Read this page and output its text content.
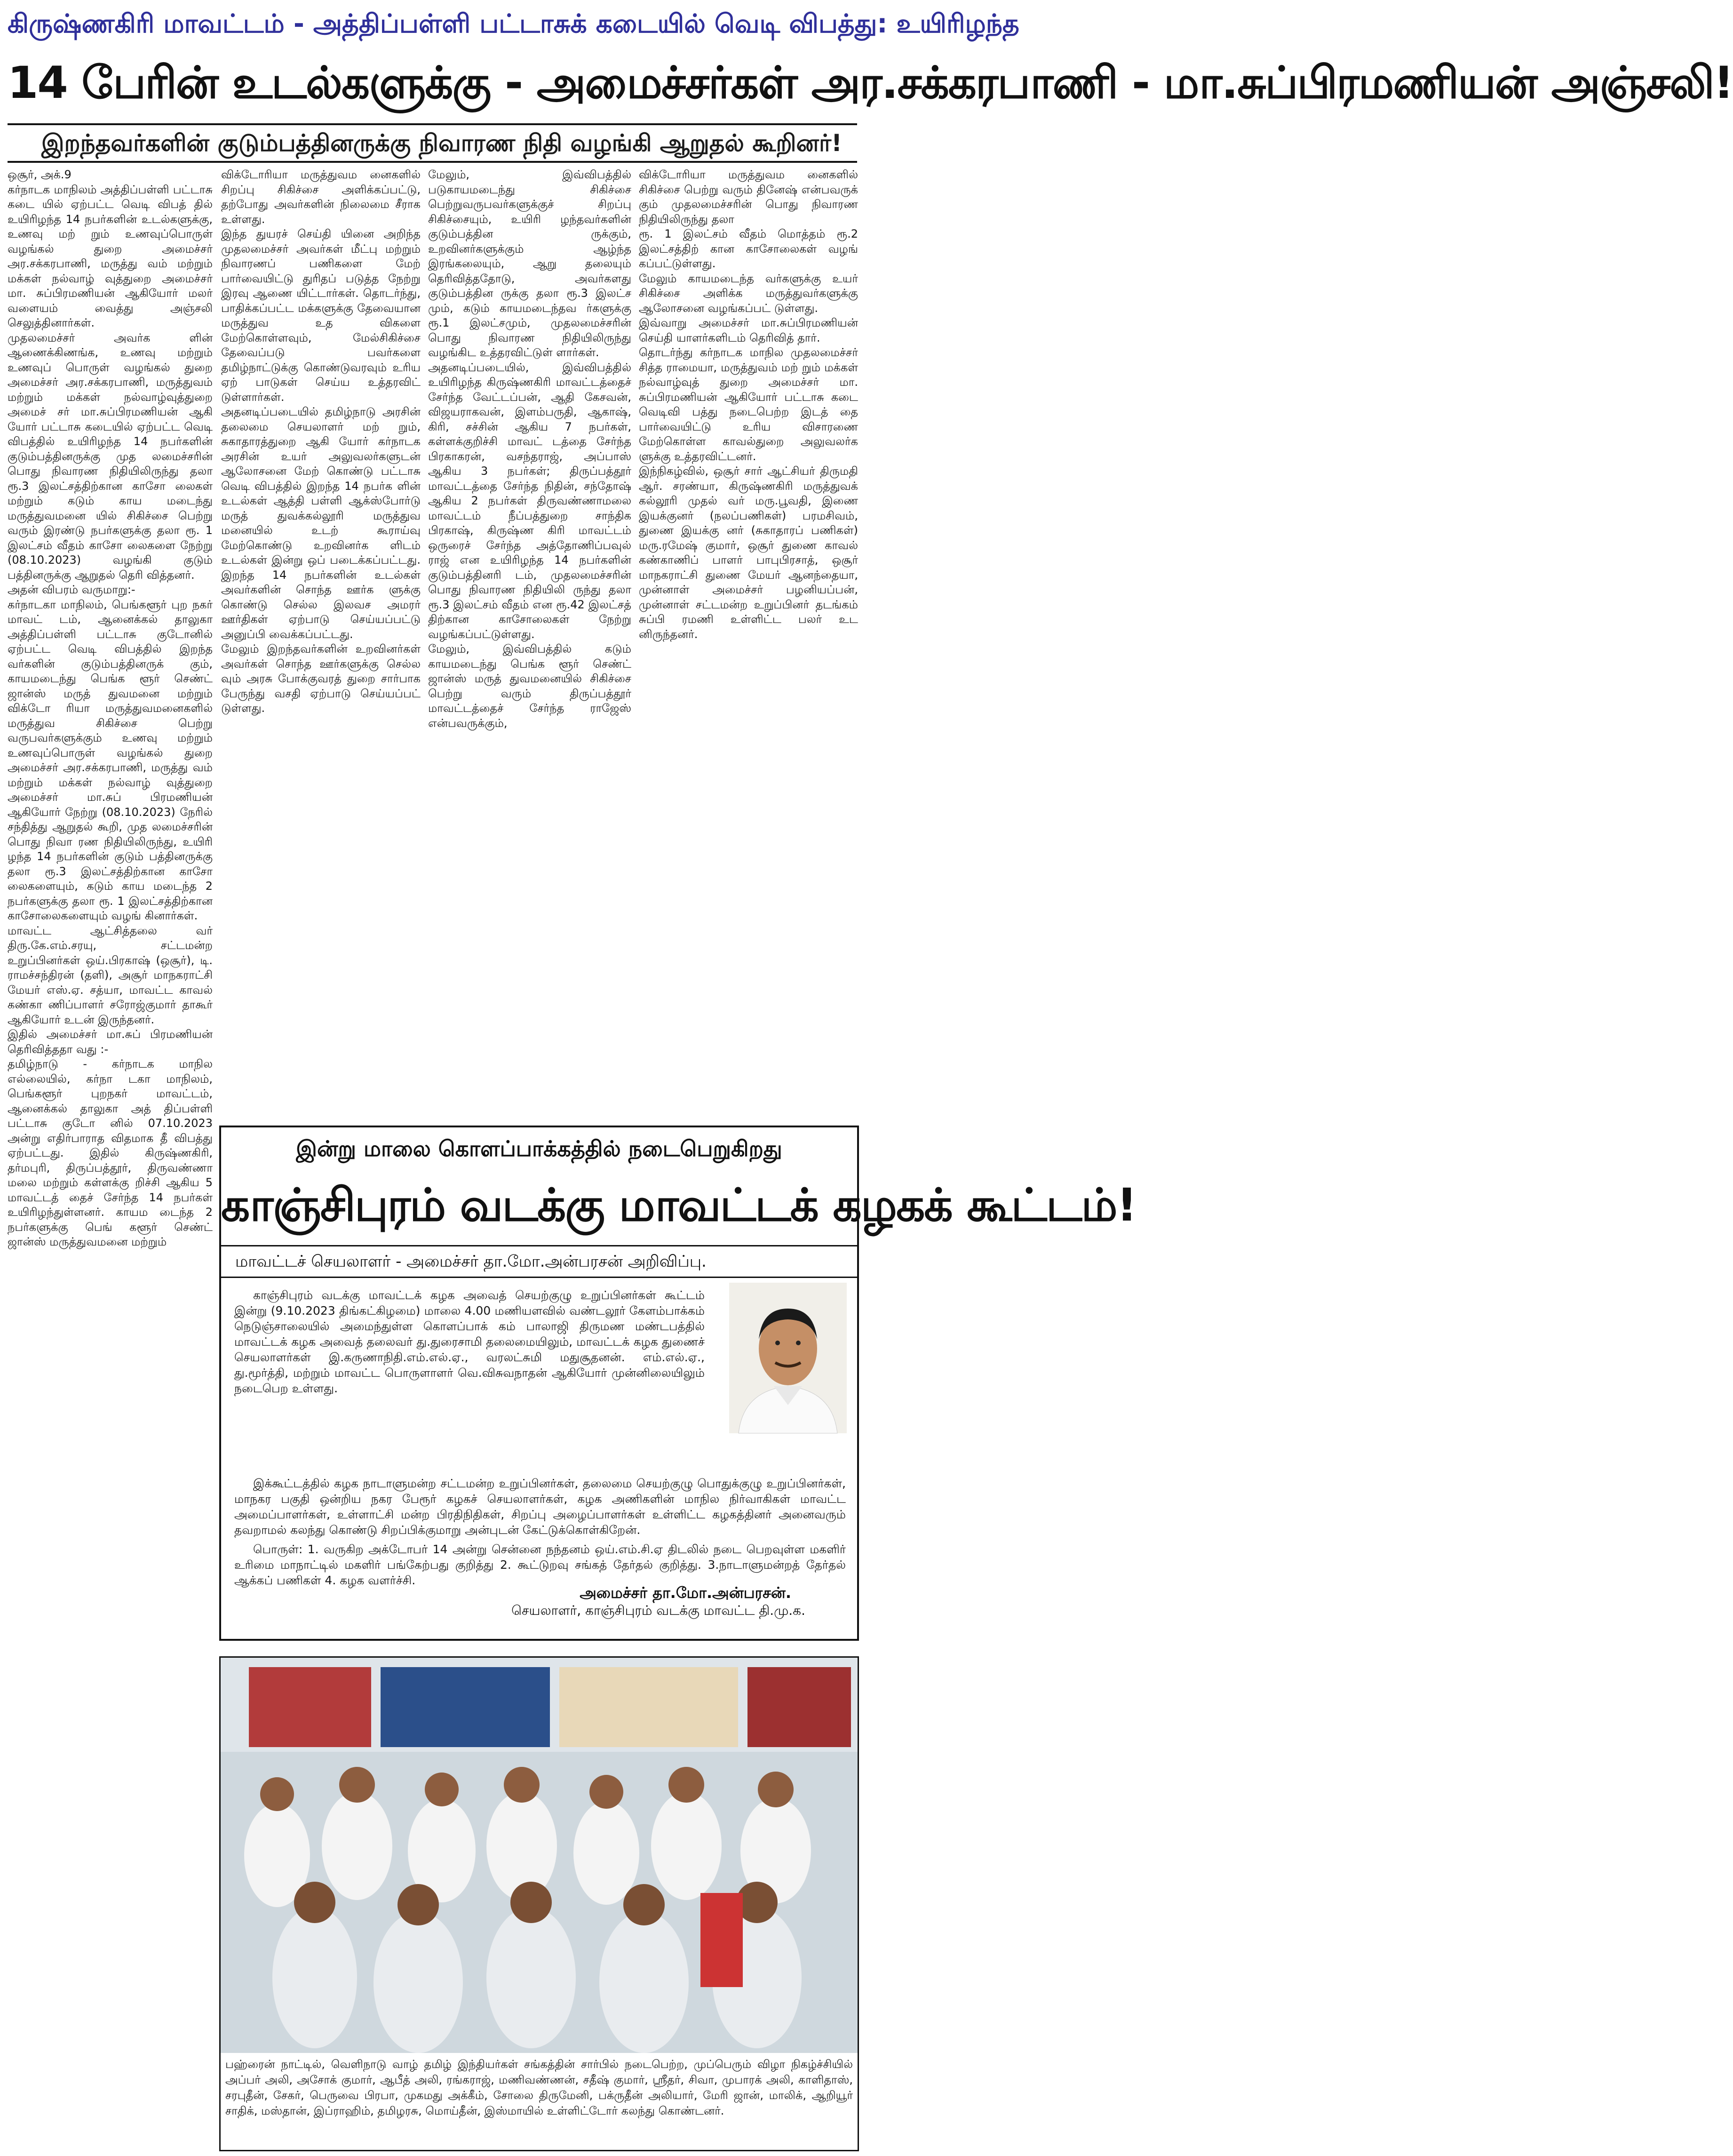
கிருஷ்ணகிரி மாவட்டம் - அத்திப்பள்ளி பட்டாசுக் கடையில் வெடி விபத்து: உயிரிழந்த
14 பேரின் உடல்களுக்கு - அமைச்சர்கள் அர.சக்கரபாணி - மா.சுப்பிரமணியன் அஞ்சலி!
இறந்தவர்களின் குடும்பத்தினருக்கு நிவாரண நிதி வழங்கி ஆறுதல் கூறினர்!
ஒசூர், அக்.9
கர்நாடக மாநிலம் அத்திப்பள்ளி பட்டாசு கடை யில் ஏற்பட்ட வெடி விபத் தில் உயிரிழந்த 14 நபர்களின் உடல்களுக்கு, உணவு மற் றும் உணவுப்பொருள் வழங்கல் துறை அமைச்சர் அர.சக்கரபாணி, மருத்து வம் மற்றும் மக்கள் நல்வாழ் வுத்துறை அமைச்சர் மா. சுப்பிரமணியன் ஆகியோர் மலர் வளையம் வைத்து அஞ்சலி செலுத்தினார்கள்.
முதலமைச்சர் அவர்க ளின் ஆணைக்கிணங்க, உணவு மற்றும் உணவுப் பொருள் வழங்கல் துறை அமைச்சர் அர.சக்கரபாணி, மருத்துவம் மற்றும் மக்கள் நல்வாழ்வுத்துறை அமைச் சர் மா.சுப்பிரமணியன் ஆகி யோர் பட்டாசு கடையில் ஏற்பட்ட வெடி விபத்தில் உயிரிழந்த 14 நபர்களின் குடும்பத்தினருக்கு முத லமைச்சரின் பொது நிவாரண நிதியிலிருந்து தலா ரூ.3 இலட்சத்திற்கான காசோ லைகள் மற்றும் கடும் காய மடைந்து மருத்துவமனை யில் சிகிச்சை பெற்று வரும் இரண்டு நபர்களுக்கு தலா ரூ. 1 இலட்சம் வீதம் காசோ லைகளை நேற்று (08.10.2023) வழங்கி குடும் பத்தினருக்கு ஆறுதல் தெரி வித்தனர்.
அதன் விபரம் வருமாறு:-
கர்நாடகா மாநிலம், பெங்களூர் புற நகர் மாவட் டம், ஆனைக்கல் தாலுகா அத்திப்பள்ளி பட்டாசு குடோனில் ஏற்பட்ட வெடி விபத்தில் இறந்த வர்களின் குடும்பத்தினருக் கும், காயமடைந்து பெங்க ளூர் செண்ட் ஜான்ஸ் மருத் துவமனை மற்றும் விக்டோ ரியா மருத்துவமனைகளில் மருத்துவ சிகிச்சை பெற்று வருபவர்களுக்கும் உணவு மற்றும் உணவுப்பொருள் வழங்கல் துறை அமைச்சர் அர.சக்கரபாணி, மருத்து வம் மற்றும் மக்கள் நல்வாழ் வுத்துறை அமைச்சர் மா.சுப் பிரமணியன் ஆகியோர் நேற்று (08.10.2023) நேரில் சந்தித்து ஆறுதல் கூறி, முத லமைச்சரின் பொது நிவா ரண நிதியிலிருந்து, உயிரி ழந்த 14 நபர்களின் குடும் பத்தினருக்கு தலா ரூ.3 இலட்சத்திற்கான காசோ லைகளையும், கடும் காய மடைந்த 2 நபர்களுக்கு தலா ரூ. 1 இலட்சத்திற்கான காசோலைகளையும் வழங் கினார்கள்.
மாவட்ட ஆட்சித்தலை வர் திரு.கே.எம்.சரயு, சட்டமன்ற உறுப்பினர்கள் ஒய்.பிரகாஷ் (ஒசூர்), டி. ராமச்சந்திரன் (தளி), அசூர் மாநகராட்சி மேயர் எஸ்.ஏ. சத்யா, மாவட்ட காவல் கண்கா ணிப்பாளர் சரோஜ்குமார் தாகூர் ஆகியோர் உடன் இருந்தனர்.
இதில் அமைச்சர் மா.சுப் பிரமணியன் தெரிவித்ததா வது :-
தமிழ்நாடு - கர்நாடக மாநில எல்லையில், கர்நா டகா மாநிலம், பெங்களூர் புறநகர் மாவட்டம், ஆனைக்கல் தாலுகா அத் திப்பள்ளி பட்டாசு குடோ னில் 07.10.2023 அன்று எதிர்பாராத விதமாக தீ விபத்து ஏற்பட்டது. இதில் கிருஷ்ணகிரி, தர்மபுரி, திருப்பத்தூர், திருவண்ணா மலை மற்றும் கள்ளக்கு றிச்சி ஆகிய 5 மாவட்டத் தைச் சேர்ந்த 14 நபர்கள் உயிரிழந்துள்ளனர். காயம டைந்த 2 நபர்களுக்கு பெங் களூர் செண்ட் ஜான்ஸ் மருத்துவமனை மற்றும்
விக்டோரியா மருத்துவம னைகளில் சிறப்பு சிகிச்சை அளிக்கப்பட்டு, தற்போது அவர்களின் நிலைமை சீராக உள்ளது.
இந்த துயரச் செய்தி யினை அறிந்த முதலமைச்சர் அவர்கள் மீட்பு மற்றும் நிவாரணப் பணிகளை மேற் பார்வையிட்டு துரிதப் படுத்த நேற்று இரவு ஆணை யிட்டார்கள். தொடர்ந்து, பாதிக்கப்பட்ட மக்களுக்கு தேவையான மருத்துவ உத விகளை மேற்கொள்ளவும், மேல்சிகிச்சை தேவைப்படு பவர்களை தமிழ்நாட்டுக்கு கொண்டுவரவும் உரிய ஏற் பாடுகள் செய்ய உத்தரவிட் டுள்ளார்கள்.
அதனடிப்படையில் தமிழ்நாடு அரசின் தலைமை செயலாளர் மற் றும், சுகாதாரத்துறை ஆகி யோர் கர்நாடக அரசின் உயர் அலுவலர்களுடன் ஆலோசனை மேற் கொண்டு பட்டாசு வெடி விபத்தில் இறந்த 14 நபர்க ளின் உடல்கள் ஆத்தி பள்ளி ஆக்ஸ்போர்டு மருத் துவக்கல்லூரி மருத்துவ மனையில் உடற் கூராய்வு மேற்கொண்டு உறவினர்க ளிடம் உடல்கள் இன்று ஒப் படைக்கப்பட்டது. இறந்த 14 நபர்களின் உடல்கள் அவர்களின் சொந்த ஊர்க ளுக்கு கொண்டு செல்ல இலவச அமரர் ஊர்திகள் ஏற்பாடு செய்யப்பட்டு அனுப்பி வைக்கப்பட்டது.
மேலும் இறந்தவர்களின் உறவினர்கள் அவர்கள் சொந்த ஊர்களுக்கு செல்ல வும் அரசு போக்குவரத் துறை சார்பாக பேருந்து வசதி ஏற்பாடு செய்யப்பட் டுள்ளது.
மேலும், இவ்விபத்தில் படுகாயமடைந்து சிகிச்சை பெற்றுவருபவர்களுக்குச் சிறப்பு சிகிச்சையும், உயிரி ழந்தவர்களின் குடும்பத்தின ருக்கும், உறவினர்களுக்கும் ஆழ்ந்த இரங்கலையும், ஆறு தலையும் தெரிவித்ததோடு, அவர்களது குடும்பத்தின ருக்கு தலா ரூ.3 இலட்ச மும், கடும் காயமடைந்தவ ர்களுக்கு ரூ.1 இலட்சமும், முதலமைச்சரின் பொது நிவாரண நிதியிலிருந்து வழங்கிட உத்தரவிட்டுள் ளார்கள்.
அதனடிப்படையில், இவ்விபத்தில் உயிரிழந்த கிருஷ்ணகிரி மாவட்டத்தைச் சேர்ந்த வேட்டப்பன், ஆதி கேசவன், விஜயராகவன், இளம்பருதி, ஆகாஷ், கிரி, சச்சின் ஆகிய 7 நபர்கள், கள்ளக்குறிச்சி மாவட் டத்தை சேர்ந்த பிரகாகரன், வசந்தராஜ், அப்பாஸ் ஆகிய 3 நபர்கள்; திருப்பத்தூர் மாவட்டத்தை சேர்ந்த நிதின், சந்தோஷ் ஆகிய 2 நபர்கள் திருவண்ணாமலை மாவட்டம் நீப்பத்துறை சாந்திக பிரகாஷ், கிருஷ்ண கிரி மாவட்டம் ஒருரைச் சேர்ந்த அத்தோணிப்பவுல் ராஜ் என உயிரிழந்த 14 நபர்களின் குடும்பத்தினரி டம், முதலமைச்சரின் பொது நிவாரண நிதியிலி ருந்து தலா ரூ.3 இலட்சம் வீதம் என ரூ.42 இலட்சத் திற்கான காசோலைகள் நேற்று வழங்கப்பட்டுள்ளது.
மேலும், இவ்விபத்தில் கடும் காயமடைந்து பெங்க ளூர் செண்ட் ஜான்ஸ் மருத் துவமனையில் சிகிச்சை பெற்று வரும் திருப்பத்தூர் மாவட்டத்தைச் சேர்ந்த ராஜேஸ் என்பவருக்கும்,
விக்டோரியா மருத்துவம னைகளில் சிகிச்சை பெற்று வரும் தினேஷ் என்பவருக் கும் முதலமைச்சரின் பொது நிவாரண நிதியிலிருந்து தலா
ரூ. 1 இலட்சம் வீதம் மொத்தம் ரூ.2 இலட்சத்திற் கான காசோலைகள் வழங் கப்பட்டுள்ளது.
மேலும் காயமடைந்த வர்களுக்கு உயர் சிகிச்சை அளிக்க மருத்துவர்களுக்கு ஆலோசனை வழங்கப்பட் டுள்ளது.
இவ்வாறு அமைச்சர் மா.சுப்பிரமணியன் செய்தி யாளர்களிடம் தெரிவித் தார்.
தொடர்ந்து கர்நாடக மாநில முதலமைச்சர் சித்த ராமையா, மருத்துவம் மற் றும் மக்கள் நல்வாழ்வுத் துறை அமைச்சர் மா. சுப்பிரமணியன் ஆகியோர் பட்டாசு கடை வெடிவி பத்து நடைபெற்ற இடத் தை பார்வையிட்டு உரிய விசாரணை மேற்கொள்ள காவல்துறை அலுவலர்க ளுக்கு உத்தரவிட்டனர்.
இந்நிகழ்வில், ஒசூர் சார் ஆட்சியர் திருமதி ஆர். சரண்யா, கிருஷ்ணகிரி மருத்துவக் கல்லூரி முதல் வர் மரு.பூவதி, இணை இயக்குனர் (நலப்பணிகள்) பரமசிவம், துணை இயக்கு னர் (சுகாதாரப் பணிகள்) மரு.ரமேஷ் குமார், ஒசூர் துணை காவல் கண்காணிப் பாளர் பாபுபிரசாத், ஒசூர் மாநகராட்சி துணை மேயர் ஆனந்தையா, முன்னாள் அமைச்சர் பழனியப்பன், முன்னாள் சட்டமன்ற உறுப்பினர் தடங்கம் சுப்பி ரமணி உள்ளிட்ட பலர் உட னிருந்தனர்.
இன்று மாலை கொளப்பாக்கத்தில் நடைபெறுகிறது
காஞ்சிபுரம் வடக்கு மாவட்டக் கழகக் கூட்டம்!
மாவட்டச் செயலாளர் - அமைச்சர் தா.மோ.அன்பரசன் அறிவிப்பு.

காஞ்சிபுரம் வடக்கு மாவட்டக் கழக அவைத் செயற்குழு உறுப்பினர்கள் கூட்டம் இன்று (9.10.2023 திங்கட்கிழமை) மாலை 4.00 மணியளவில் வண்டலூர் கேளம்பாக்கம் நெடுஞ்சாலையில் அமைந்துள்ள கொளப்பாக் கம் பாலாஜி திருமண மண்டபத்தில் மாவட்டக் கழக அவைத் தலைவர் து.துரைசாமி தலைமையிலும், மாவட்டக் கழக துணைச் செயலாளர்கள் இ.கருணாநிதி.எம்.எல்.ஏ., வரலட்சுமி மதுசூதனன். எம்.எல்.ஏ., து.மூர்த்தி, மற்றும் மாவட்ட பொருளாளர் வெ.விசுவநாதன் ஆகியோர் முன்னிலையிலும் நடைபெற உள்ளது.

இக்கூட்டத்தில் கழக நாடாளுமன்ற சட்டமன்ற உறுப்பினர்கள், தலைமை செயற்குழு பொதுக்குழு உறுப்பினர்கள், மாநகர பகுதி ஒன்றிய நகர பேரூர் கழகச் செயலாளர்கள், கழக அணிகளின் மாநில நிர்வாகிகள் மாவட்ட அமைப்பாளர்கள், உள்ளாட்சி மன்ற பிரதிநிதிகள், சிறப்பு அழைப்பாளர்கள் உள்ளிட்ட கழகத்தினர் அனைவரும் தவறாமல் கலந்து கொண்டு சிறப்பிக்குமாறு அன்புடன் கேட்டுக்கொள்கிறேன்.

பொருள்: 1. வருகிற அக்டோபர் 14 அன்று சென்னை நந்தனம் ஒய்.எம்.சி.ஏ திடலில் நடை பெறவுள்ள மகளிர் உரிமை மாநாட்டில் மகளிர் பங்கேற்பது குறித்து 2. கூட்டுறவு சங்கத் தேர்தல் குறித்து. 3.நாடாளுமன்றத் தேர்தல் ஆக்கப் பணிகள் 4. கழக வளர்ச்சி.

அமைச்சர் தா.மோ.அன்பரசன்.
செயலாளர், காஞ்சிபுரம் வடக்கு மாவட்ட தி.மு.க.
பஹ்ரைன் நாட்டில், வெளிநாடு வாழ் தமிழ் இந்தியர்கள் சங்கத்தின் சார்பில் நடைபெற்ற, முப்பெரும் விழா நிகழ்ச்சியில் அப்பர் அலி, அசோக் குமார், ஆபீத் அலி, ரங்கராஜ், மணிவண்ணன், சதீஷ் குமார், ஸ்ரீதர், சிவா, முபாரக் அலி, காளிதாஸ், சரபுதீன், சேகர், பெருவை பிரபா, முகமது அக்கீம், சோலை திருமேனி, பக்ருதீன் அலியார், மேரி ஜான், மாலிக், ஆறியூர் சாதிக், மஸ்தான், இப்ராஹிம், தமிழரசு, மொய்தீன், இஸ்மாயில் உள்ளிட்டோர் கலந்து கொண்டனர்.
